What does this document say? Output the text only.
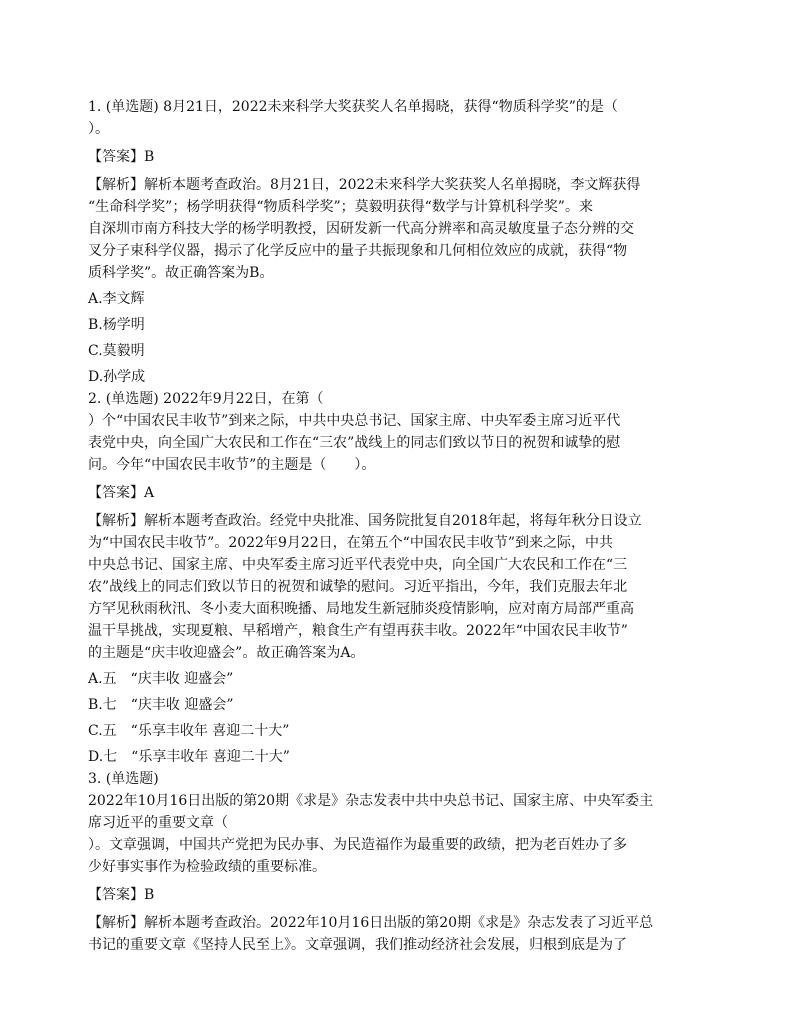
1. (单选题) 8月21日，2022未来科学大奖获奖人名单揭晓，获得“物质科学奖”的是（
）。

【答案】B

【解析】解析本题考查政治。8月21日，2022未来科学大奖获奖人名单揭晓，李文辉获得
“生命科学奖”；杨学明获得“物质科学奖”；莫毅明获得“数学与计算机科学奖”。来
自深圳市南方科技大学的杨学明教授，因研发新一代高分辨率和高灵敏度量子态分辨的交
叉分子束科学仪器，揭示了化学反应中的量子共振现象和几何相位效应的成就，获得“物
质科学奖”。故正确答案为B。

A.李文辉
B.杨学明
C.莫毅明
D.孙学成

2. (单选题) 2022年9月22日，在第（
）个“中国农民丰收节”到来之际，中共中央总书记、国家主席、中央军委主席习近平代
表党中央，向全国广大农民和工作在“三农”战线上的同志们致以节日的祝贺和诚挚的慰
问。今年“中国农民丰收节”的主题是（　　）。

【答案】A

【解析】解析本题考查政治。经党中央批准、国务院批复自2018年起，将每年秋分日设立
为“中国农民丰收节”。2022年9月22日，在第五个“中国农民丰收节”到来之际，中共
中央总书记、国家主席、中央军委主席习近平代表党中央，向全国广大农民和工作在“三
农”战线上的同志们致以节日的祝贺和诚挚的慰问。习近平指出，今年，我们克服去年北
方罕见秋雨秋汛、冬小麦大面积晚播、局地发生新冠肺炎疫情影响，应对南方局部严重高
温干旱挑战，实现夏粮、早稻增产，粮食生产有望再获丰收。2022年“中国农民丰收节”
的主题是“庆丰收迎盛会”。故正确答案为A。

A.五　“庆丰收 迎盛会”
B.七　“庆丰收 迎盛会”
C.五　“乐享丰收年 喜迎二十大”
D.七　“乐享丰收年 喜迎二十大”

3. (单选题)
2022年10月16日出版的第20期《求是》杂志发表中共中央总书记、国家主席、中央军委主
席习近平的重要文章（
）。文章强调，中国共产党把为民办事、为民造福作为最重要的政绩，把为老百姓办了多
少好事实事作为检验政绩的重要标准。

【答案】B

【解析】解析本题考查政治。2022年10月16日出版的第20期《求是》杂志发表了习近平总
书记的重要文章《坚持人民至上》。文章强调，我们推动经济社会发展，归根到底是为了
